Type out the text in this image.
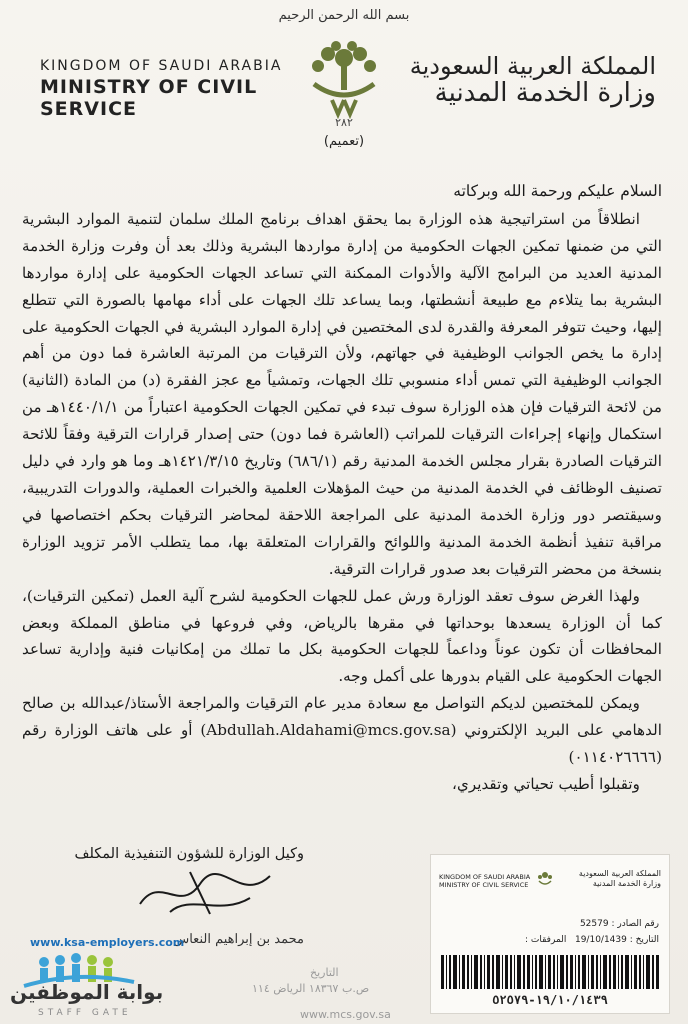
بسم الله الرحمن الرحيم
KINGDOM OF SAUDI ARABIA
MINISTRY OF CIVIL SERVICE
المملكة العربية السعودية
وزارة الخدمة المدنية
٢٨٢
(تعميم)

السلام عليكم ورحمة الله وبركاته

انطلاقاً من استراتيجية هذه الوزارة بما يحقق اهداف برنامج الملك سلمان لتنمية الموارد البشرية التي من ضمنها تمكين الجهات الحكومية من إدارة مواردها البشرية وذلك بعد أن وفرت وزارة الخدمة المدنية العديد من البرامج الآلية والأدوات الممكنة التي تساعد الجهات الحكومية على إدارة مواردها البشرية بما يتلاءم مع طبيعة أنشطتها، وبما يساعد تلك الجهات على أداء مهامها بالصورة التي تتطلع إليها، وحيث تتوفر المعرفة والقدرة لدى المختصين في إدارة الموارد البشرية في الجهات الحكومية على إدارة ما يخص الجوانب الوظيفية في جهاتهم، ولأن الترقيات من المرتبة العاشرة فما دون من أهم الجوانب الوظيفية التي تمس أداء منسوبي تلك الجهات، وتمشياً مع عجز الفقرة (د) من المادة (الثانية) من لائحة الترقيات فإن هذه الوزارة سوف تبدء في تمكين الجهات الحكومية اعتباراً من ١٤٤٠/١/١هـ من استكمال وإنهاء إجراءات الترقيات للمراتب (العاشرة فما دون) حتى إصدار قرارات الترقية وفقاً للائحة الترقيات الصادرة بقرار مجلس الخدمة المدنية رقم (٦٨٦/١) وتاريخ ١٤٢١/٣/١٥هـ وما هو وارد في دليل تصنيف الوظائف في الخدمة المدنية من حيث المؤهلات العلمية والخبرات العملية، والدورات التدريبية، وسيقتصر دور وزارة الخدمة المدنية على المراجعة اللاحقة لمحاضر الترقيات بحكم اختصاصها في مراقبة تنفيذ أنظمة الخدمة المدنية واللوائح والقرارات المتعلقة بها، مما يتطلب الأمر تزويد الوزارة بنسخة من محضر الترقيات بعد صدور قرارات الترقية.

ولهذا الغرض سوف تعقد الوزارة ورش عمل للجهات الحكومية لشرح آلية العمل (تمكين الترقيات)، كما أن الوزارة يسعدها بوحداتها في مقرها بالرياض، وفي فروعها في مناطق المملكة وبعض المحافظات أن تكون عوناً وداعماً للجهات الحكومية بكل ما تملك من إمكانيات فنية وإدارية تساعد الجهات الحكومية على القيام بدورها على أكمل وجه.

ويمكن للمختصين لديكم التواصل مع سعادة مدير عام الترقيات والمراجعة الأستاذ/عبدالله بن صالح الدهامي على البريد الإلكتروني (Abdullah.Aldahami@mcs.gov.sa) أو على هاتف الوزارة رقم (٠١١٤٠٢٦٦٦٦)

وتقبلوا أطيب تحياتي وتقديري،

وكيل الوزارة للشؤون التنفيذية المكلف
محمد بن إبراهيم النعاس
KINGDOM OF SAUDI ARABIA
MINISTRY OF CIVIL SERVICE
المملكة العربية السعودية
وزارة الخدمة المدنية
رقم الصادر : 52579
التاريخ : 19/10/1439   المرفقات :
١٩/١٠/١٤٣٩-٥٢٥٧٩
التاريخ
ص.ب ١٨٣٦٧ الرياض ١١٤
www.mcs.gov.sa
www.ksa-employers.com
بوابة الموظفين
STAFF GATE
